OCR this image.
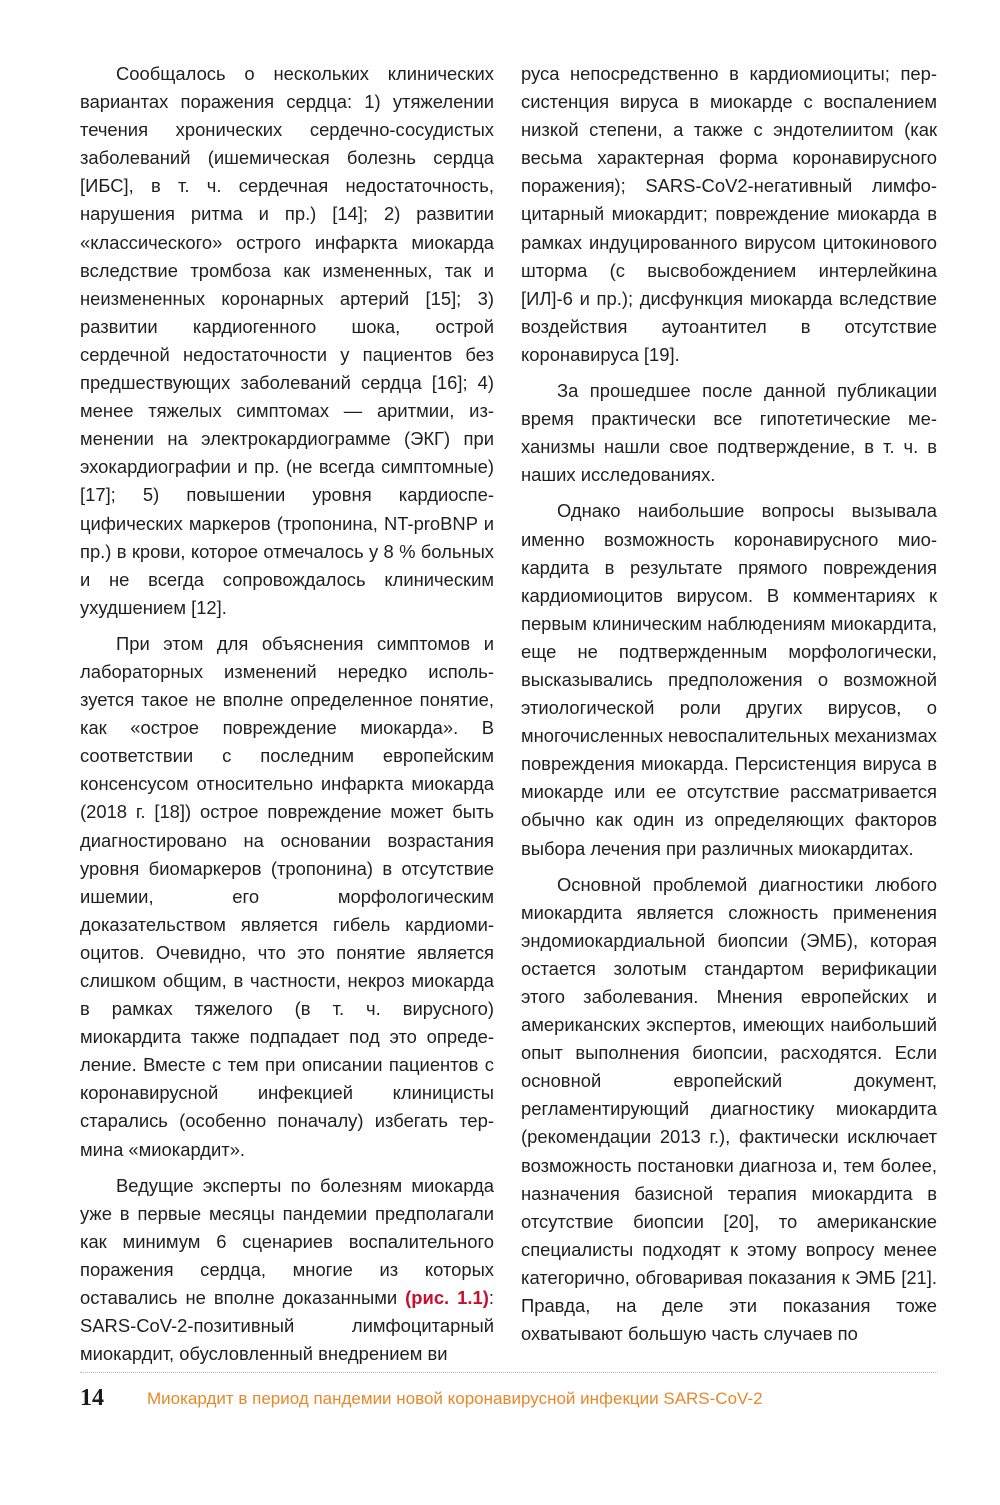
Сообщалось о нескольких клинических вариантах поражения сердца: 1) утяжелении течения хронических сердечно-сосудистых заболеваний (ишемическая болезнь сердца [ИБС], в т. ч. сердечная недостаточность, нарушения ритма и пр.) [14]; 2) развитии «классического» острого инфаркта миокарда вследствие тромбоза как измененных, так и неизмененных коронарных артерий [15]; 3) развитии кардиогенного шока, острой сердечной недостаточности у пациентов без предшествующих заболеваний сердца [16]; 4) менее тяжелых симптомах — аритмии, изменении на электрокардиограмме (ЭКГ) при эхокардиографии и пр. (не всегда симптомные) [17]; 5) повышении уровня кардиоспецифических маркеров (тропонина, NT-proBNP и пр.) в крови, которое отмечалось у 8 % больных и не всегда сопровождалось клиническим ухудшением [12].

При этом для объяснения симптомов и лабораторных изменений нередко используется такое не вполне определенное понятие, как «острое повреждение миокарда». В соответствии с последним европейским консенсусом относительно инфаркта миокарда (2018 г. [18]) острое повреждение может быть диагностировано на основании возрастания уровня биомаркеров (тропонина) в отсутствие ишемии, его морфологическим доказательством является гибель кардиомиоцитов. Очевидно, что это понятие является слишком общим, в частности, некроз миокарда в рамках тяжелого (в т. ч. вирусного) миокардита также подпадает под это определение. Вместе с тем при описании пациентов с коронавирусной инфекцией клиницисты старались (особенно поначалу) избегать термина «миокардит».

Ведущие эксперты по болезням миокарда уже в первые месяцы пандемии предполагали как минимум 6 сценариев воспалительного поражения сердца, многие из которых оставались не вполне доказанными (рис. 1.1): SARS-CoV-2-позитивный лимфоцитарный миокардит, обусловленный внедрением ви

руса непосредственно в кардиомиоциты; персистенция вируса в миокарде с воспалением низкой степени, а также с эндотелиитом (как весьма характерная форма коронавирусного поражения); SARS-CoV2-негативный лимфоцитарный миокардит; повреждение миокарда в рамках индуцированного вирусом цитокинового шторма (с высвобождением интерлейкина [ИЛ]-6 и пр.); дисфункция миокарда вследствие воздействия аутоантител в отсутствие коронавируса [19].

За прошедшее после данной публикации время практически все гипотетические механизмы нашли свое подтверждение, в т. ч. в наших исследованиях.

Однако наибольшие вопросы вызывала именно возможность коронавирусного миокардита в результате прямого повреждения кардиомиоцитов вирусом. В комментариях к первым клиническим наблюдениям миокардита, еще не подтвержденным морфологически, высказывались предположения о возможной этиологической роли других вирусов, о многочисленных невоспалительных механизмах повреждения миокарда. Персистенция вируса в миокарде или ее отсутствие рассматривается обычно как один из определяющих факторов выбора лечения при различных миокардитах.

Основной проблемой диагностики любого миокардита является сложность применения эндомиокардиальной биопсии (ЭМБ), которая остается золотым стандартом верификации этого заболевания. Мнения европейских и американских экспертов, имеющих наибольший опыт выполнения биопсии, расходятся. Если основной европейский документ, регламентирующий диагностику миокардита (рекомендации 2013 г.), фактически исключает возможность постановки диагноза и, тем более, назначения базисной терапия миокардита в отсутствие биопсии [20], то американские специалисты подходят к этому вопросу менее категорично, обговаривая показания к ЭМБ [21]. Правда, на деле эти показания тоже охватывают большую часть случаев по

14	Миокардит в период пандемии новой коронавирусной инфекции SARS-CoV-2
